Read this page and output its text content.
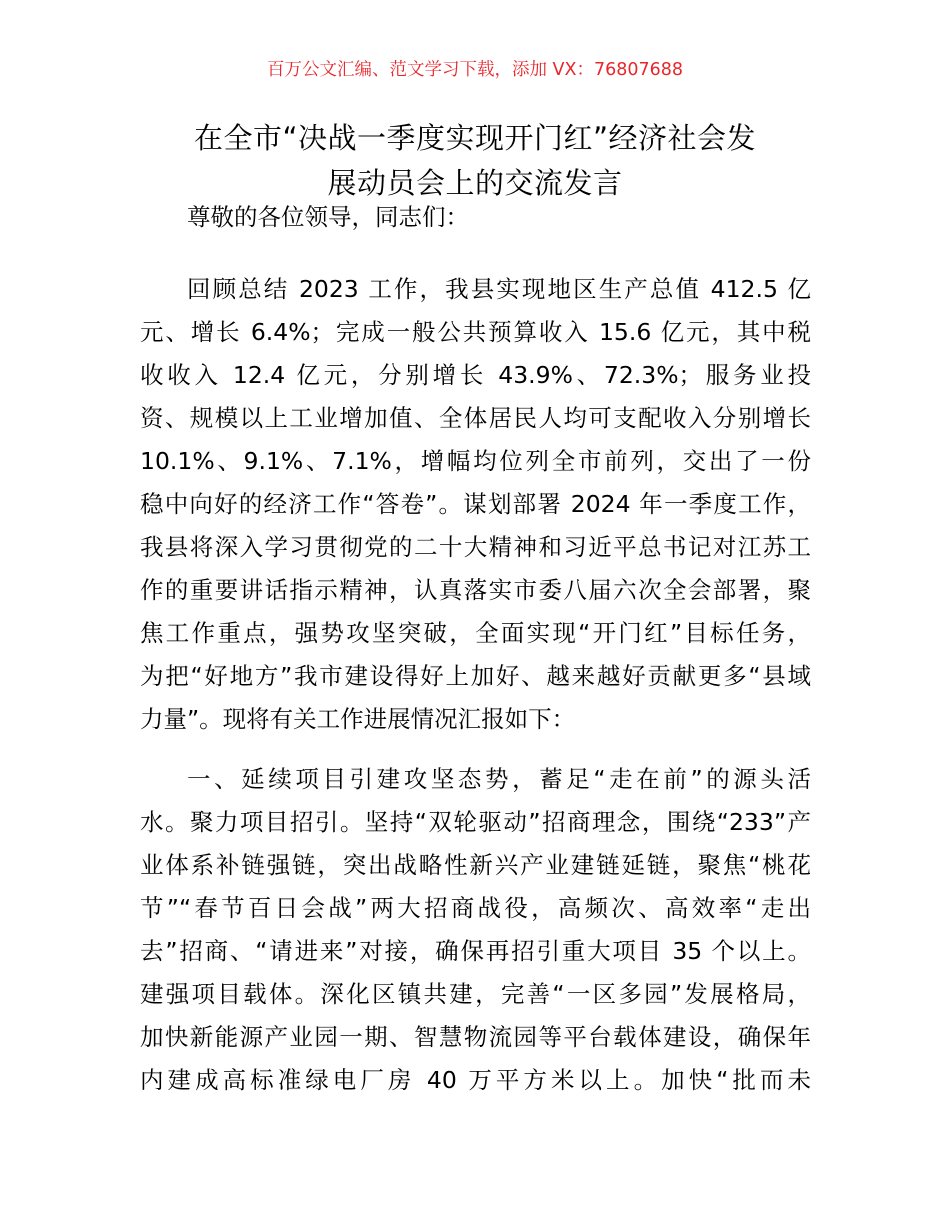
百万公文汇编、范文学习下载，添加 VX：76807688
在全市“决战一季度实现开门红”经济社会发
展动员会上的交流发言
尊敬的各位领导，同志们：
回顾总结 2023 工作，我县实现地区生产总值 412.5 亿
元、增长 6.4%；完成一般公共预算收入 15.6 亿元，其中税
收收入 12.4 亿元，分别增长 43.9%、72.3%；服务业投
资、规模以上工业增加值、全体居民人均可支配收入分别增长
10.1%、9.1%、7.1%，增幅均位列全市前列，交出了一份
稳中向好的经济工作“答卷”。谋划部署 2024 年一季度工作，
我县将深入学习贯彻党的二十大精神和习近平总书记对江苏工
作的重要讲话指示精神，认真落实市委八届六次全会部署，聚
焦工作重点，强势攻坚突破，全面实现“开门红”目标任务，
为把“好地方”我市建设得好上加好、越来越好贡献更多“县域
力量”。现将有关工作进展情况汇报如下：
一、延续项目引建攻坚态势，蓄足“走在前”的源头活
水。聚力项目招引。坚持“双轮驱动”招商理念，围绕“233”产
业体系补链强链，突出战略性新兴产业建链延链，聚焦“桃花
节”“春节百日会战”两大招商战役，高频次、高效率“走出
去”招商、“请进来”对接，确保再招引重大项目 35 个以上。
建强项目载体。深化区镇共建，完善“一区多园”发展格局，
加快新能源产业园一期、智慧物流园等平台载体建设，确保年
内建成高标准绿电厂房 40 万平方米以上。加快“批而未
